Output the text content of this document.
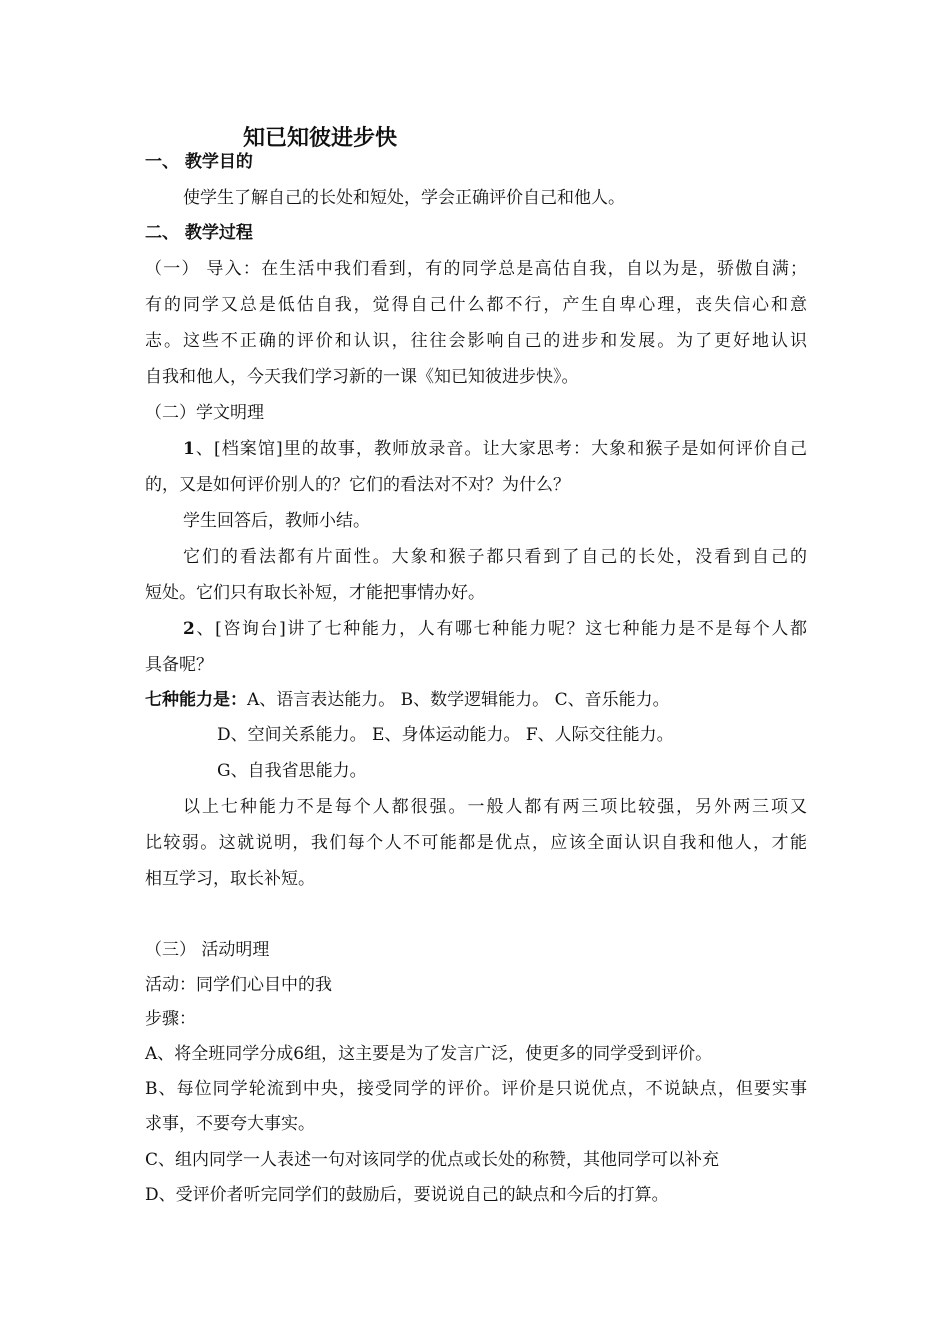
知已知彼进步快
一、 教学目的
使学生了解自己的长处和短处，学会正确评价自己和他人。
二、 教学过程
（一） 导入：在生活中我们看到，有的同学总是高估自我，自以为是，骄傲自满；
有的同学又总是低估自我，觉得自己什么都不行，产生自卑心理，丧失信心和意
志。这些不正确的评价和认识，往往会影响自己的进步和发展。为了更好地认识
自我和他人，今天我们学习新的一课《知已知彼进步快》。
（二）学文明理
1、[档案馆]里的故事，教师放录音。让大家思考：大象和猴子是如何评价自己
的，又是如何评价别人的？它们的看法对不对？为什么？
学生回答后，教师小结。
它们的看法都有片面性。大象和猴子都只看到了自己的长处，没看到自己的
短处。它们只有取长补短，才能把事情办好。
2、[咨询台]讲了七种能力，人有哪七种能力呢？这七种能力是不是每个人都
具备呢？
七种能力是：A、语言表达能力。 B、数学逻辑能力。 C、音乐能力。
D、空间关系能力。 E、身体运动能力。 F、人际交往能力。
G、自我省思能力。
以上七种能力不是每个人都很强。一般人都有两三项比较强，另外两三项又
比较弱。这就说明，我们每个人不可能都是优点，应该全面认识自我和他人，才能
相互学习，取长补短。
（三） 活动明理
活动：同学们心目中的我
步骤：
A、将全班同学分成6组，这主要是为了发言广泛，使更多的同学受到评价。
B、每位同学轮流到中央，接受同学的评价。评价是只说优点，不说缺点，但要实事
求事，不要夸大事实。
C、组内同学一人表述一句对该同学的优点或长处的称赞，其他同学可以补充
D、受评价者听完同学们的鼓励后，要说说自己的缺点和今后的打算。
